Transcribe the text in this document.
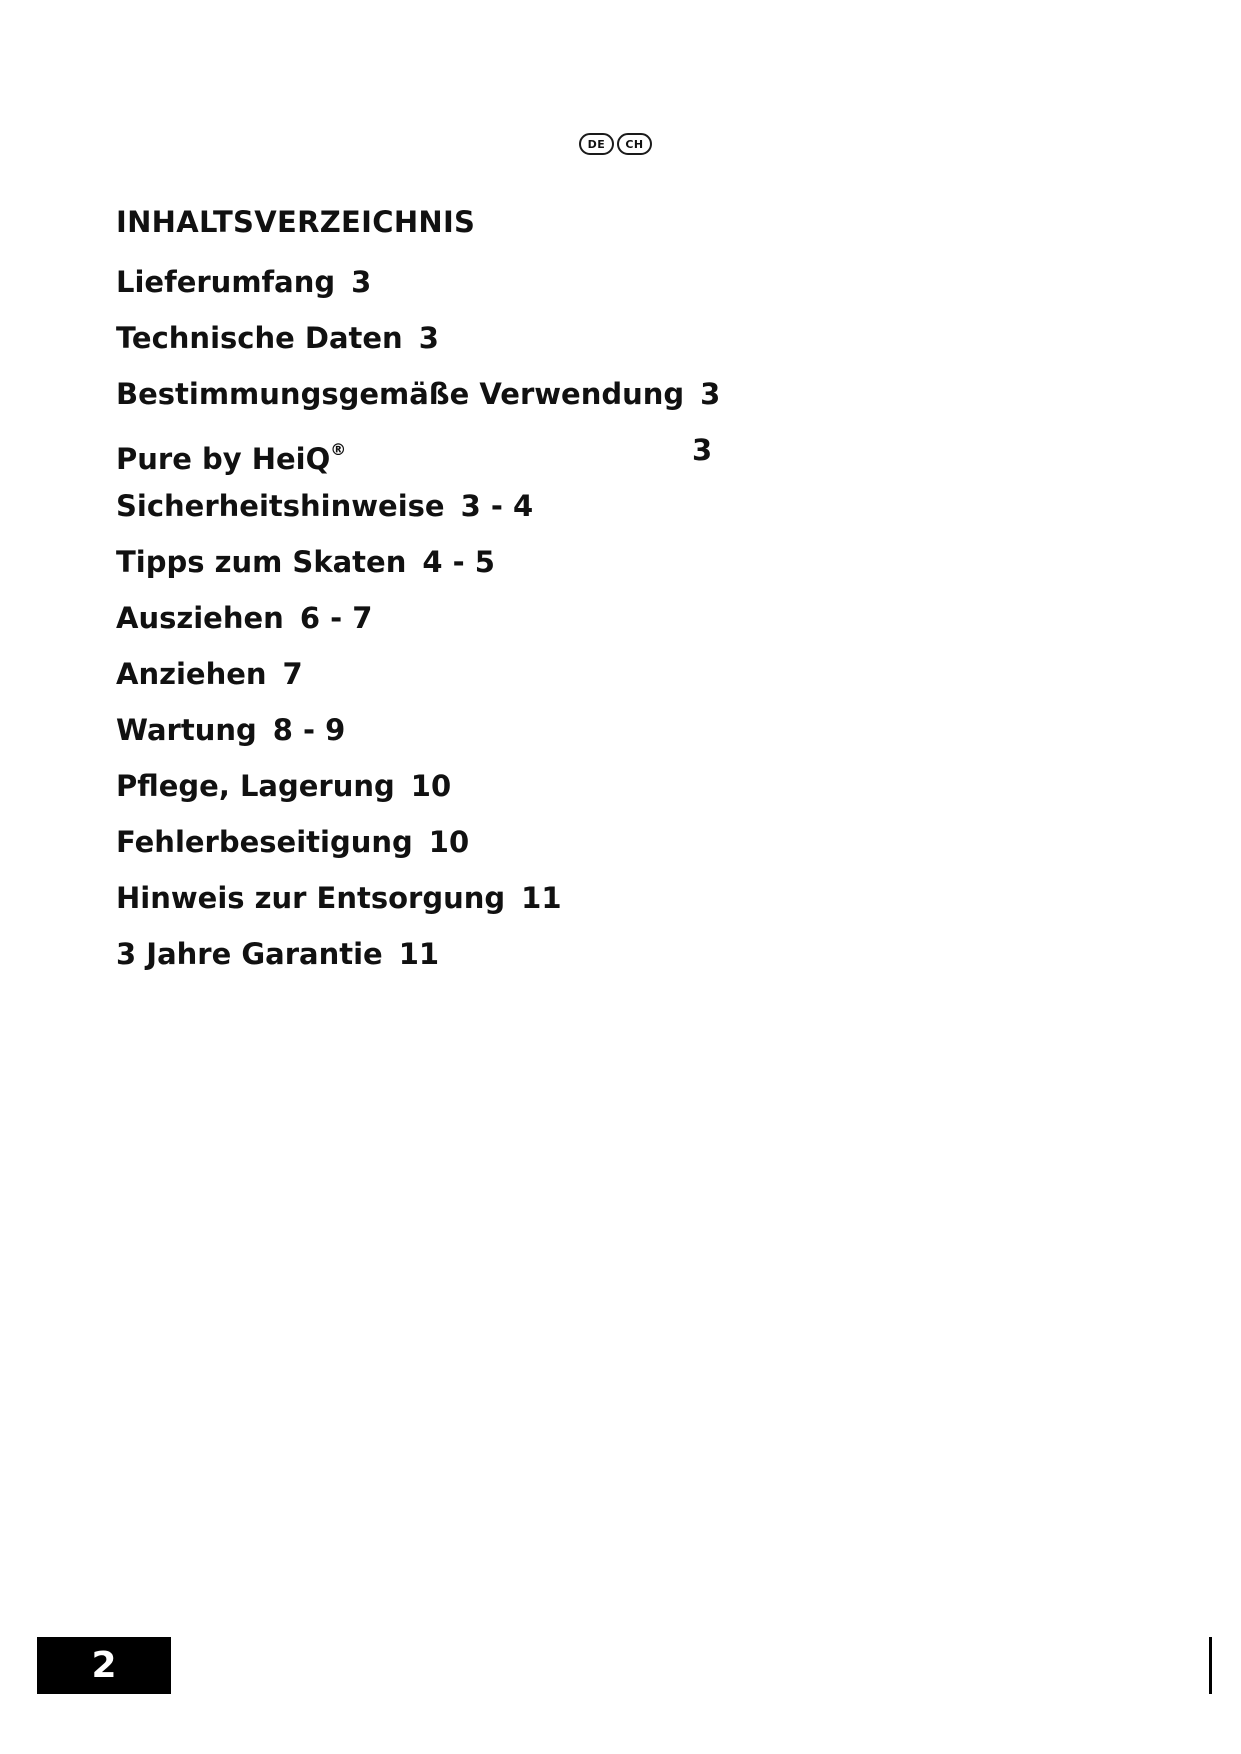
DE	CH
INHALTSVERZEICHNIS
Lieferumfang 3
Technische Daten 3
Bestimmungsgemäße Verwendung 3
Pure by HeiQ®	3
Sicherheitshinweise 3 - 4
Tipps zum Skaten 4 - 5
Ausziehen 6 - 7
Anziehen 7
Wartung 8 - 9
Pflege, Lagerung 10
Fehlerbeseitigung 10
Hinweis zur Entsorgung 11
3 Jahre Garantie 11
2
